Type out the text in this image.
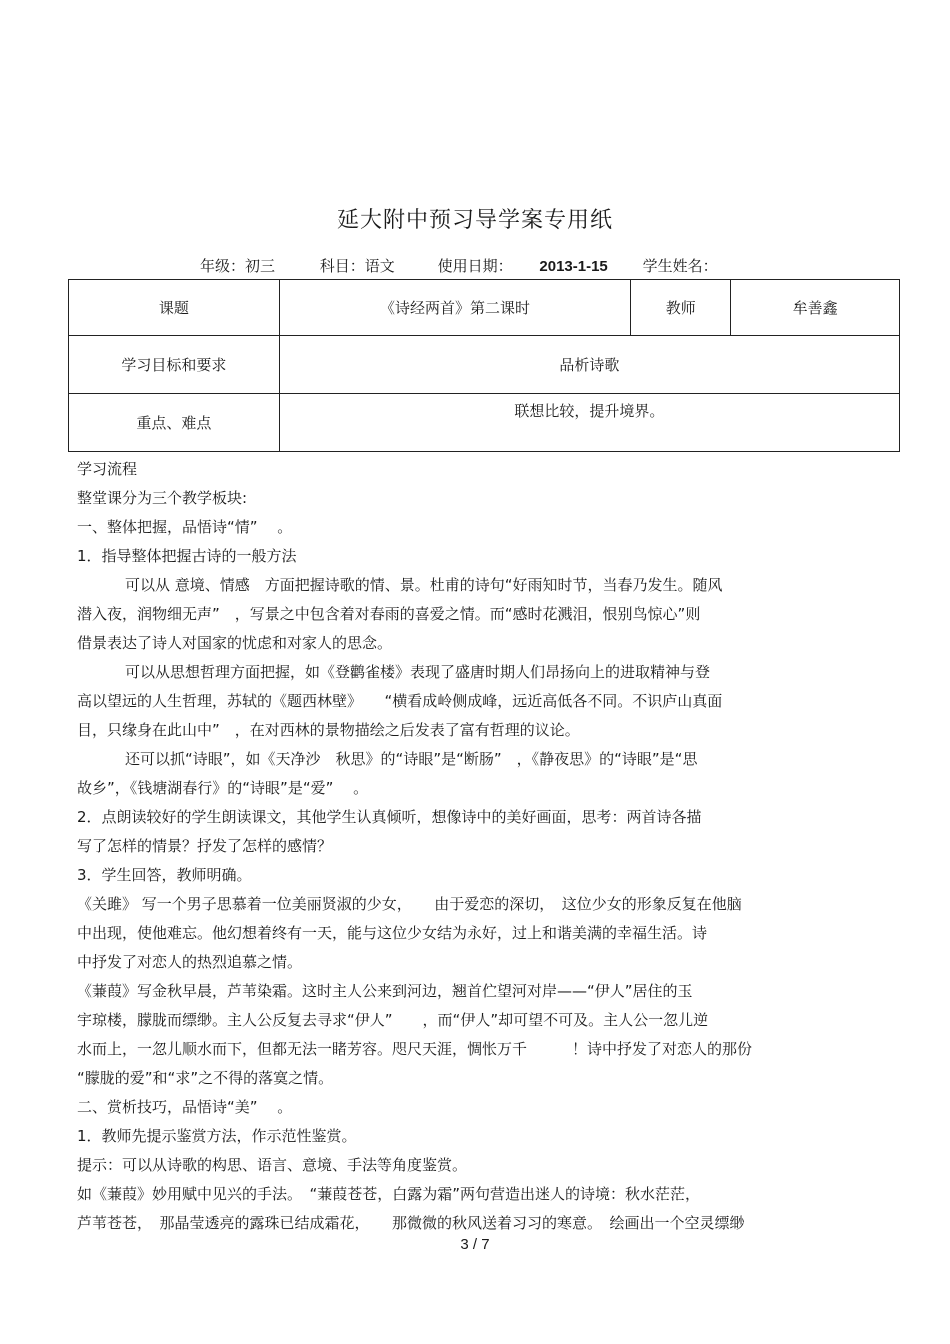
延大附中预习导学案专用纸
年级：初三	科目：语文	使用日期： 2013-1-15 学生姓名：
课题	《诗经两首》第二课时	教师	牟善鑫
学习目标和要求	品析诗歌		
重点、难点	联想比较，提升境界。		
学习流程
整堂课分为三个教学板块:
一、整体把握，品悟诗“情”　 。
1．指导整体把握古诗的一般方法
可以从 意境、情感　方面把握诗歌的情、景。杜甫的诗句“好雨知时节，当春乃发生。随风
潜入夜，润物细无声”　，写景之中包含着对春雨的喜爱之情。而“感时花溅泪，恨别鸟惊心”则
借景表达了诗人对国家的忧虑和对家人的思念。
可以从思想哲理方面把握，如《登鹳雀楼》表现了盛唐时期人们昂扬向上的进取精神与登
高以望远的人生哲理，苏轼的《题西林壁》　　“横看成岭侧成峰，远近高低各不同。不识庐山真面
目，只缘身在此山中”　，在对西林的景物描绘之后发表了富有哲理的议论。
还可以抓“诗眼”，如《天净沙　秋思》的“诗眼”是“断肠”　，《静夜思》的“诗眼”是“思
故乡”，《钱塘湖春行》的“诗眼”是“爱”　 。
2．点朗读较好的学生朗读课文，其他学生认真倾听，想像诗中的美好画面，思考：两首诗各描
写了怎样的情景？抒发了怎样的感情？
3．学生回答，教师明确。
《关雎》 写一个男子思慕着一位美丽贤淑的少女，　　由于爱恋的深切，　这位少女的形象反复在他脑
中出现，使他难忘。他幻想着终有一天，能与这位少女结为永好，过上和谐美满的幸福生活。诗
中抒发了对恋人的热烈追慕之情。
《蒹葭》写金秋早晨，芦苇染霜。这时主人公来到河边，翘首伫望河对岸——“伊人”居住的玉
宇琼楼，朦胧而缥缈。主人公反复去寻求“伊人”　　，而“伊人”却可望不可及。主人公一忽儿逆
水而上，一忽儿顺水而下，但都无法一睹芳容。咫尺天涯，惆怅万千　　　！诗中抒发了对恋人的那份
“朦胧的爱”和“求”之不得的落寞之情。
二、赏析技巧，品悟诗“美”　 。
1．教师先提示鉴赏方法，作示范性鉴赏。
提示：可以从诗歌的构思、语言、意境、手法等角度鉴赏。
如《蒹葭》妙用赋中见兴的手法。　“蒹葭苍苍，白露为霜”两句营造出迷人的诗境：秋水茫茫，
芦苇苍苍，　那晶莹透亮的露珠已结成霜花，　　那微微的秋风送着习习的寒意。　绘画出一个空灵缥缈
3 / 7
